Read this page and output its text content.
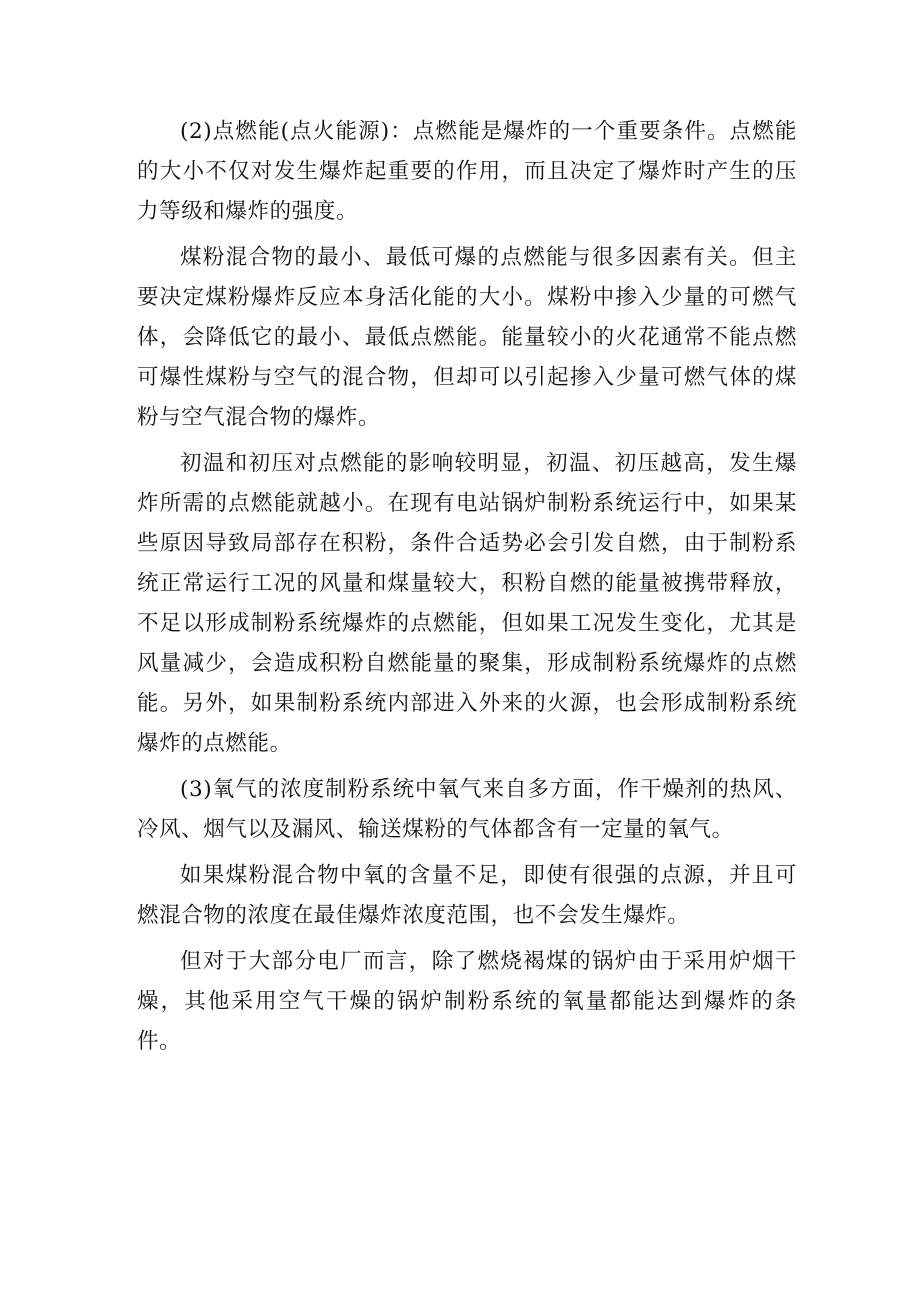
(2)点燃能(点火能源)：点燃能是爆炸的一个重要条件。点燃能的大小不仅对发生爆炸起重要的作用，而且决定了爆炸时产生的压力等级和爆炸的强度。

煤粉混合物的最小、最低可爆的点燃能与很多因素有关。但主要决定煤粉爆炸反应本身活化能的大小。煤粉中掺入少量的可燃气体，会降低它的最小、最低点燃能。能量较小的火花通常不能点燃可爆性煤粉与空气的混合物，但却可以引起掺入少量可燃气体的煤粉与空气混合物的爆炸。

初温和初压对点燃能的影响较明显，初温、初压越高，发生爆炸所需的点燃能就越小。在现有电站锅炉制粉系统运行中，如果某些原因导致局部存在积粉，条件合适势必会引发自燃，由于制粉系统正常运行工况的风量和煤量较大，积粉自燃的能量被携带释放，不足以形成制粉系统爆炸的点燃能，但如果工况发生变化，尤其是风量减少，会造成积粉自燃能量的聚集，形成制粉系统爆炸的点燃能。另外，如果制粉系统内部进入外来的火源，也会形成制粉系统爆炸的点燃能。

(3)氧气的浓度制粉系统中氧气来自多方面，作干燥剂的热风、冷风、烟气以及漏风、输送煤粉的气体都含有一定量的氧气。

如果煤粉混合物中氧的含量不足，即使有很强的点源，并且可燃混合物的浓度在最佳爆炸浓度范围，也不会发生爆炸。

但对于大部分电厂而言，除了燃烧褐煤的锅炉由于采用炉烟干燥，其他采用空气干燥的锅炉制粉系统的氧量都能达到爆炸的条件。
